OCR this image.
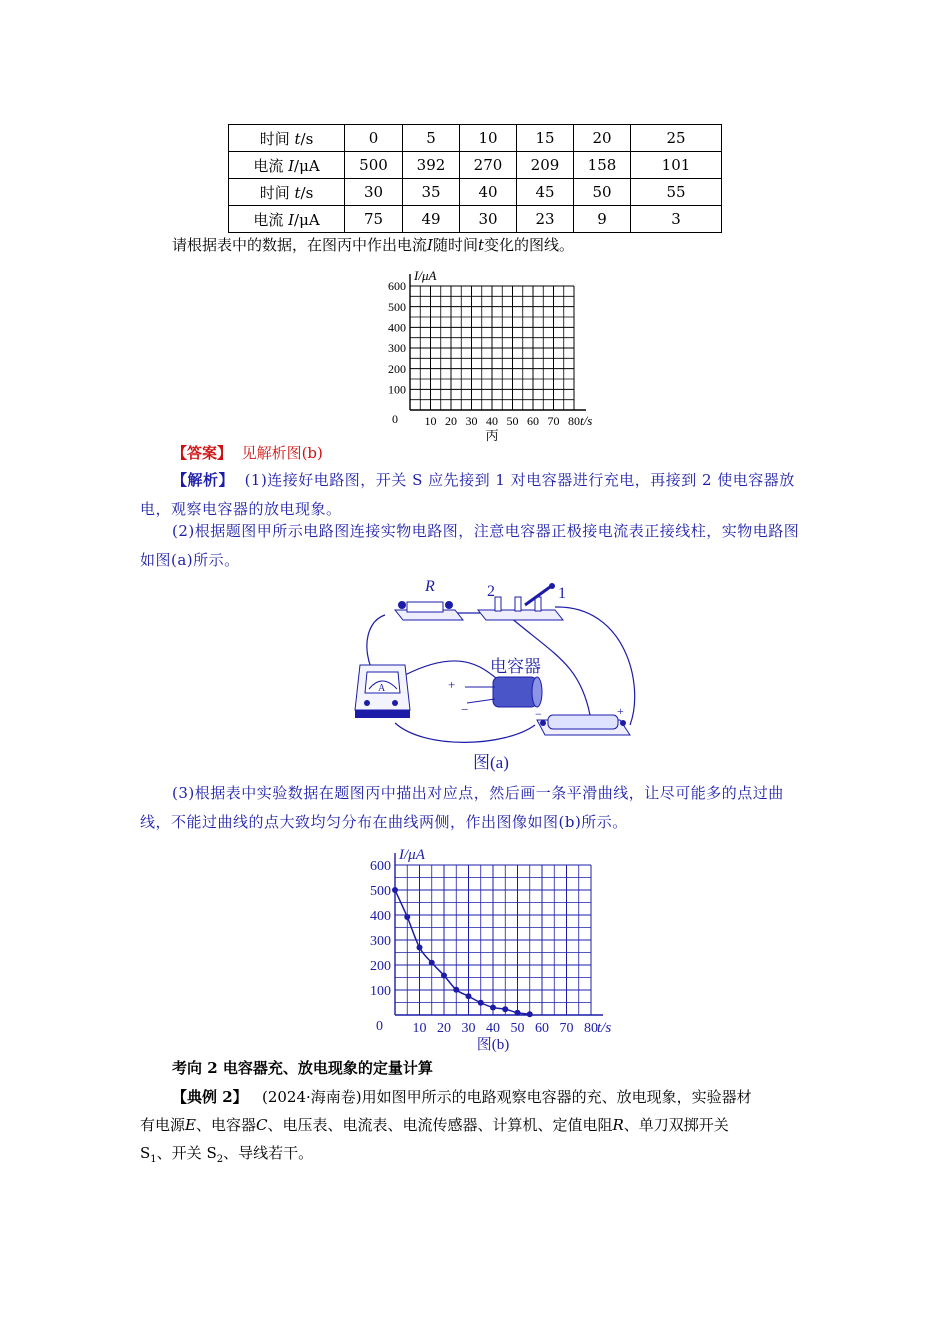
时间 t/s	0	5	10	15	20	25
电流 I/μA	500	392	270	209	158	101
时间 t/s	30	35	40	45	50	55
电流 I/μA	75	49	30	23	9	3
请根据表中的数据，在图丙中作出电流I随时间t变化的图线。
600
500
400
300
200
100
10 20 30 40 50 60 70 80
0
I/μA
t/s
丙
【答案】 见解析图(b)
【解析】 (1)连接好电路图，开关 S 应先接到 1 对电容器进行充电，再接到 2 使电容器放电，观察电容器的放电现象。
(2)根据题图甲所示电路图连接实物电路图，注意电容器正极接电流表正接线柱，实物电路图如图(a)所示。
R	2	1
A
电容器
+
−	−	+
图(a)
(3)根据表中实验数据在题图丙中描出对应点，然后画一条平滑曲线，让尽可能多的点过曲线，不能过曲线的点大致均匀分布在曲线两侧，作出图像如图(b)所示。
600
500
400
300
200
100
10 20 30 40 50 60 70 80
0
I/μA
t/s
图(b)
考向 2 电容器充、放电现象的定量计算
【典例 2】 (2024·海南卷)用如图甲所示的电路观察电容器的充、放电现象，实验器材
有电源E、电容器C、电压表、电流表、电流传感器、计算机、定值电阻R、单刀双掷开关
$S_1$、开关 $S_2$、导线若干。
